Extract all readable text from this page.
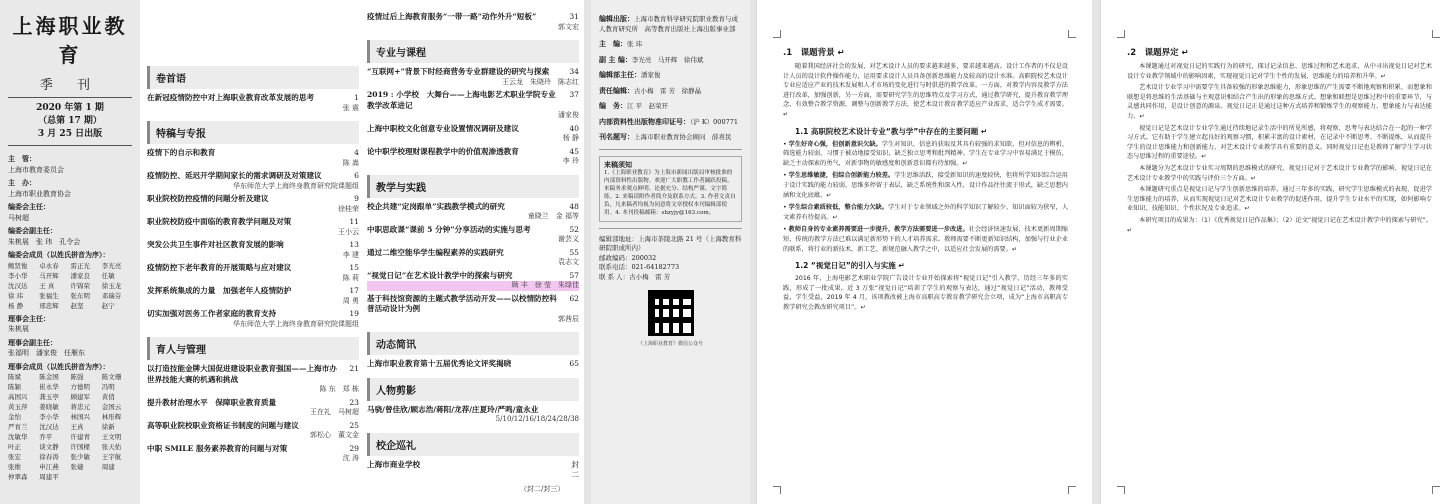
上海职业教育
季 刊
2020 年第 1 期
（总第 17 期）
3 月 25 日出版
主　管：
上海市教育委员会
主　办：
上海市职业教育协会
编委会主任：
马树超
编委会副主任：
朱桃展　张 玮　孔令会
编委会成员（以姓氏拼音为序）：
鲍贤俊	卓永春	雷正光	李光亮
李小华	马开辉	潘家良	任敏
沈汉达	王 真	许锦荣	徐玉龙
徐 玮	张福生	张东明	邓瑞芬
杨 静	邢忠辉	赵坚	赵宁
理事会主任：
朱桃展
理事会副主任：
张福明　潘家俊　任雁东
理事会成员（以姓氏拼音为序）：
陈斌	陈金国	陈强	陈文珊
陈颖	崔永华	方德明	冯明
高国兴	龚玉亭	顾建军	黄俏
黄玉萍	姜晓敏	蒋忠元	金国云
金怡	李小华	林国兴	林彤辉
严育兰	沈汉达	王真	徐新
沈敏华	乔平	许建青	王文明
叶正	谈文静	许国樑	张天佑
张宏	徐春涛	张少敏	王宇航
张维	申江燕	张婕	周建
仲翠森	周建平
卷首语
在新冠疫情防控中对上海职业教育改革发展的思考	1
张 震
特稿与专报
疫情下的自示和教育	4
陈 嵩
疫情防控、延迟开学期间家长的需求调研及对策建议	6
华东师范大学上海终身教育研究院课题组
职业院校防控疫情的问题分析及建议	9
徐桂荣
职业院校防疫中面临的教育教学问题及对策	11
王小云
突发公共卫生事件对社区教育发展的影响	13
李 建
疫情防控下老年教育的开展策略与应对建议	15
陈 莉
发挥系统集成的力量　加强老年人疫情防护	17
周 勇
切实加强对医务工作者家庭的教育支持	19
华东师范大学上海终身教育研究院课题组
育人与管理
以打造技能金牌大国促进建设职业教育强国——上海市办世界技能大赛的机遇和挑战
21
陈 东　郑 栋
提升教材治理水平　保障职业教育质量	23
王在礼　马树超
高等职业院校职业资格证书制度的问题与建议	25
郭松心　董文金
中职 SMILE 服务素养教育的问题与对策	29
沈 涛
疫情过后上海教育服务“一带一路”动作外升“短板”	31
郭文宏
专业与课程
“互联网+”背景下时经商营务专业群建设的研究与探索	34
王云龙　朱晓玲　陈志红
2019 : 小学校　大舞台——上海电影艺术职业学院专业教学改革进记
37
潘家俊
上海中职校文化创意专业设置情况调研及建议	40
杨 静
论中职学校理财课程教学中的价值观渗透教育	45
李 玲
教学与实践
校企共建“定岗跟单”实践教学模式的研究	48
童晓兰　金 福等
中职思政课“课前 5 分钟”分享活动的实施与思考	52
谢芸义
通过二维空能华学生编程素养的实践研究	55
袁志文
“视觉日记”在艺术设计教学中的探索与研究	57
顾 丰　徐 莹　朱绿佳
基于科技馆资源的主题式教学活动开发——以校情防控科普活动设计为例
62
郭茜辰
动态简讯
上海市职业教育第十五届优秀论文评奖揭晓	65
人物剪影
马骁/曾佳欣/顾志浩/蒋阳/龙荐/庄夏玲/严鸣/童永业
5/10/12/16/18/24/28/38
校企巡礼
上海市商业学校	封二
（封二/封三）
编辑出版：上海市教育科学研究院职业教育与成人教育研究所　高等教育出版社上海出版事业部
主　编：张 玮
副 主 编：李光亮　马开辉　徐伟斌
编辑部主任：潘家俊
责任编辑：古小梅　雷 芳　徐静晶
编　务：江 平　赵荣开
内部资料性出版物准印证号：（沪 K）000771
刊名题写：上海市职业教育协会顾问　薛喜民
来稿须知
1.《上海职业教育》为上海市新闻出版局审核批准的内部资料性出版物。欢迎广大职教工作者踊跃投稿，来稿务求观点鲜明、论据充分、结构严谨、文字简练。2. 来稿请附作者简介及联系方式。3. 作者文责自负，凡来稿者均视为同意将文章授权本刊编辑部使用。4. 本刊投稿邮箱：shzyjy@163.com。
编辑部地址：上海市茶陵北路 21 号（上海教育科研院职成所内）
邮政编码：200032
联系电话：021-64182773
联 系 人：古小梅　雷 芳
《上海职业教育》微信公众号
.1　课题背景 ↵
随着我国经济社会的发展，对艺术设计人员的要求越来越多，要求越来越高。设计工作者的不仅是设计人员的设计软件操作能力，运用要求设计人员具备创新思维能力及较高的设计水准。高职院校艺术设计专业应适应产业的技术发展和人才市场的变化进行与时俱进的教学改革。一方面，对教学内容及教学方法进行改革，加强创新，另一方面，需要研究学生的思维特点及学习方式，通过教学研究，提升教育教学理念，有效整合教学资源，调整与创新教学方法，使艺术设计教育教学适应产业需求，适合学生成才需要。↵
1.1 高职院校艺术设计专业“教与学”中存在的主要问题 ↵
• 学生好奇心强，但创新意识欠缺。学生对知识、信息的获取及其具有较强的求知欲，但对信息的辨析、筛选能力较弱，习惯于被动地接受知识，缺乏独立思考和批判精神。学生在专业学习中容易满足于模仿，缺乏主动探索的勇气，对新事物的敏感度和创新意识都有待加强。↵
• 学生思维敏捷，但综合创新能力较差。学生思维活跃，接受新知识的速度较快，但将所学知识综合运用于设计实践的能力较弱。思维多停留于表层，缺乏系统性和深入性，设计作品往往流于形式，缺乏思想内涵和文化底蕴。↵
• 学生综合素质较低，整合能力欠缺。学生对于专业领域之外的科学知识了解较少，知识面较为狭窄，人文素养有待提高。↵
• 教师自身的专业素养需要进一步提升，教学方法需要进一步改进。社会经济快速发展，技术更新周期缩短，传统的教学方法已难以满足新形势下的人才培养需求。教师需要不断更新知识结构，加强与行业企业的联系，将行业的新技术、新工艺、新规范融入教学之中，以适应社会发展的需要。↵
1.2 “视觉日记”的引入与实施 ↵
2016 年，上海电影艺术职业学院广告设计专业开始探索将“视觉日记”引入教学，历经三年多的实践，形成了一批成果。近 3 万张“视觉日记”培训了学生的观察与表达，通过“视觉日记”活动，教师受益，学生受益，2019 年 4 月，该项教改被上海市高职高专教育教学研究会立项，成为“上海市高职高专教学研究会教改研究项目”。↵
.2　课题界定 ↵
本课题通过对视觉日记的实践行为的研究，探讨记录信息、思维过程和艺术追求，从中寻出视觉日记对艺术设计专业教学领域中的影响因素，实现视觉日记对学生个性的发展、思维能力的培养和升华。↵
艺术设计专业学习中需要学生具备较强的形象思维能力，形象思维的产生需要不断地观察和积累，而想象和联想是将思维的生活基础与主观意识相结合产生出的形象的思维方式。想象和联想是思维过程中的重要环节，与灵感共同作用，是设计创意的源泉。视觉日记正是通过这种方式培养和锻炼学生的观察能力、想象能力与表达能力。↵
视觉日记是艺术设计专业学生通过持续地记录生活中的所见所感，将观察、思考与表达结合在一起的一种学习方式。它有助于学生建立起良好的观察习惯，积累丰富的设计素材，在记录中不断思考、不断提炼，从而提升学生的设计思维能力和创新能力，对艺术设计专业教学具有重要的意义。同时视觉日记也是教师了解学生学习状态与思维过程的重要途径。↵
本课题分为艺术设计专业实习周期的思维模式的研究、视觉日记对于艺术设计专业教学的影响、视觉日记在艺术设计专业教学中的实践与评价三个方面。↵
本课题研究重点是视觉日记与学生创新思维的培养，通过三年多的实践，研究学生思维模式的表现，促进学生思维能力的培养，从而实现视觉日记对艺术设计专业教学的促进作用，提升学生专业水平的实现，如何影响专业知识、技能知识、个性状况及专业追求。↵
本研究项目的成果为：（1）《优秀视觉日记作品集》；（2）论文“视觉日记在艺术设计教学中的探索与研究”。↵
